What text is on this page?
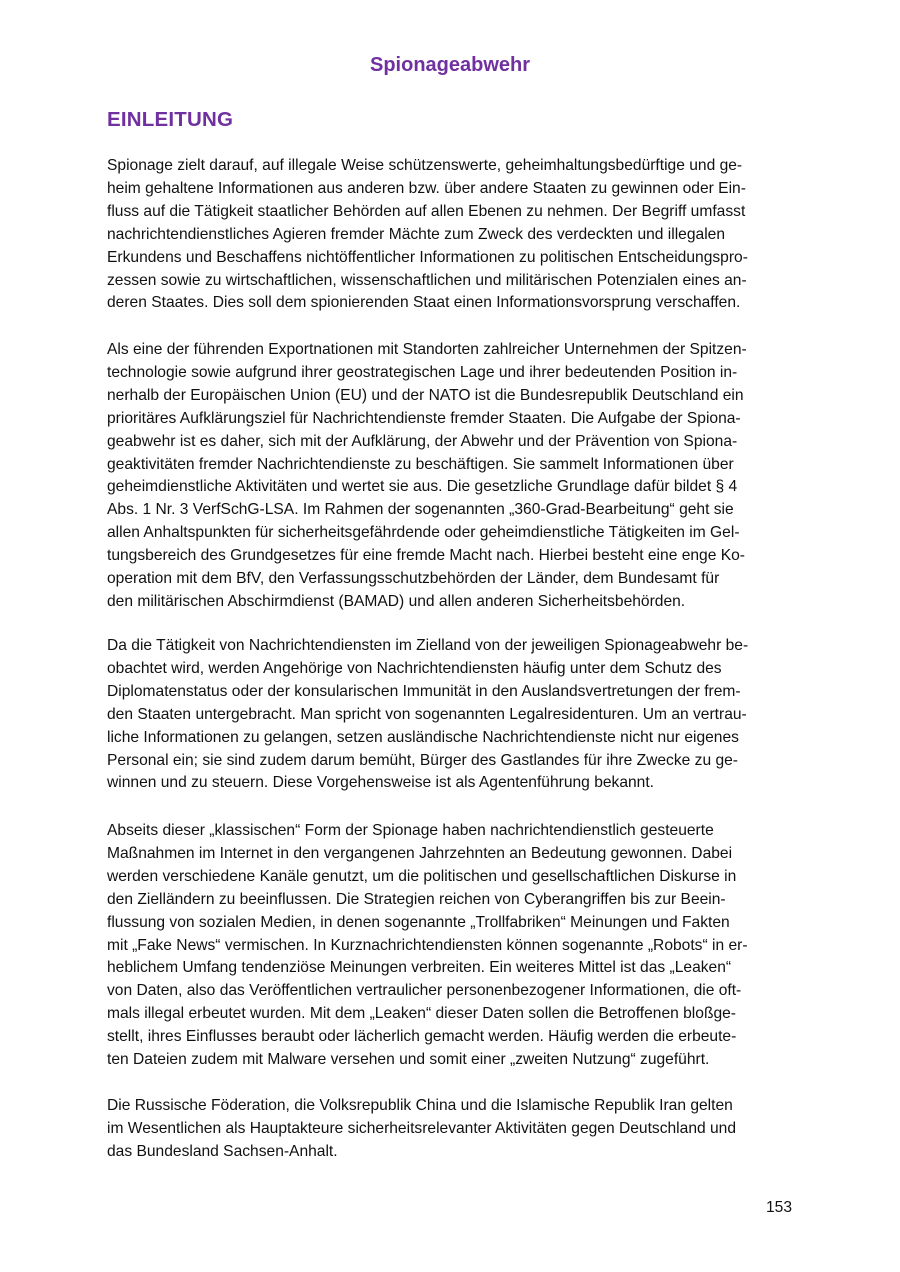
Spionageabwehr
EINLEITUNG
Spionage zielt darauf, auf illegale Weise schützenswerte, geheimhaltungsbedürftige und ge-
heim gehaltene Informationen aus anderen bzw. über andere Staaten zu gewinnen oder Ein-
fluss auf die Tätigkeit staatlicher Behörden auf allen Ebenen zu nehmen. Der Begriff umfasst
nachrichtendienstliches Agieren fremder Mächte zum Zweck des verdeckten und illegalen
Erkundens und Beschaffens nichtöffentlicher Informationen zu politischen Entscheidungspro-
zessen sowie zu wirtschaftlichen, wissenschaftlichen und militärischen Potenzialen eines an-
deren Staates. Dies soll dem spionierenden Staat einen Informationsvorsprung verschaffen.
Als eine der führenden Exportnationen mit Standorten zahlreicher Unternehmen der Spitzen-
technologie sowie aufgrund ihrer geostrategischen Lage und ihrer bedeutenden Position in-
nerhalb der Europäischen Union (EU) und der NATO ist die Bundesrepublik Deutschland ein
prioritäres Aufklärungsziel für Nachrichtendienste fremder Staaten. Die Aufgabe der Spiona-
geabwehr ist es daher, sich mit der Aufklärung, der Abwehr und der Prävention von Spiona-
geaktivitäten fremder Nachrichtendienste zu beschäftigen. Sie sammelt Informationen über
geheimdienstliche Aktivitäten und wertet sie aus. Die gesetzliche Grundlage dafür bildet § 4
Abs. 1 Nr. 3 VerfSchG-LSA. Im Rahmen der sogenannten „360-Grad-Bearbeitung“ geht sie
allen Anhaltspunkten für sicherheitsgefährdende oder geheimdienstliche Tätigkeiten im Gel-
tungsbereich des Grundgesetzes für eine fremde Macht nach. Hierbei besteht eine enge Ko-
operation mit dem BfV, den Verfassungsschutzbehörden der Länder, dem Bundesamt für
den militärischen Abschirmdienst (BAMAD) und allen anderen Sicherheitsbehörden.
Da die Tätigkeit von Nachrichtendiensten im Zielland von der jeweiligen Spionageabwehr be-
obachtet wird, werden Angehörige von Nachrichtendiensten häufig unter dem Schutz des
Diplomatenstatus oder der konsularischen Immunität in den Auslandsvertretungen der frem-
den Staaten untergebracht. Man spricht von sogenannten Legalresidenturen. Um an vertrau-
liche Informationen zu gelangen, setzen ausländische Nachrichtendienste nicht nur eigenes
Personal ein; sie sind zudem darum bemüht, Bürger des Gastlandes für ihre Zwecke zu ge-
winnen und zu steuern. Diese Vorgehensweise ist als Agentenführung bekannt.
Abseits dieser „klassischen“ Form der Spionage haben nachrichtendienstlich gesteuerte
Maßnahmen im Internet in den vergangenen Jahrzehnten an Bedeutung gewonnen. Dabei
werden verschiedene Kanäle genutzt, um die politischen und gesellschaftlichen Diskurse in
den Zielländern zu beeinflussen. Die Strategien reichen von Cyberangriffen bis zur Beein-
flussung von sozialen Medien, in denen sogenannte „Trollfabriken“ Meinungen und Fakten
mit „Fake News“ vermischen. In Kurznachrichtendiensten können sogenannte „Robots“ in er-
heblichem Umfang tendenziöse Meinungen verbreiten. Ein weiteres Mittel ist das „Leaken“
von Daten, also das Veröffentlichen vertraulicher personenbezogener Informationen, die oft-
mals illegal erbeutet wurden. Mit dem „Leaken“ dieser Daten sollen die Betroffenen bloßge-
stellt, ihres Einflusses beraubt oder lächerlich gemacht werden. Häufig werden die erbeute-
ten Dateien zudem mit Malware versehen und somit einer „zweiten Nutzung“ zugeführt.
Die Russische Föderation, die Volksrepublik China und die Islamische Republik Iran gelten
im Wesentlichen als Hauptakteure sicherheitsrelevanter Aktivitäten gegen Deutschland und
das Bundesland Sachsen-Anhalt.

153
